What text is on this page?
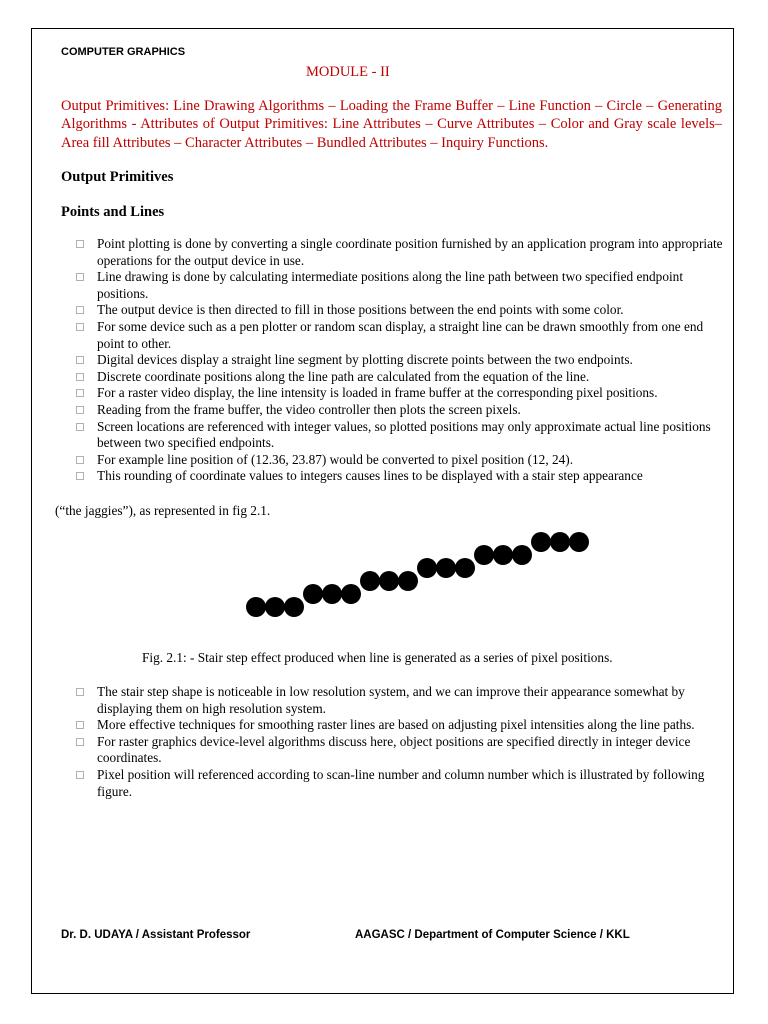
COMPUTER GRAPHICS
MODULE - II
Output Primitives: Line Drawing Algorithms – Loading the Frame Buffer – Line Function – Circle – Generating Algorithms - Attributes of Output Primitives: Line Attributes – Curve Attributes – Color and Gray scale levels– Area fill Attributes – Character Attributes – Bundled Attributes – Inquiry Functions.
Output Primitives
Points and Lines
Point plotting is done by converting a single coordinate position furnished by an application program into appropriate operations for the output device in use.
Line drawing is done by calculating intermediate positions along the line path between two specified endpoint positions.
The output device is then directed to fill in those positions between the end points with some color.
For some device such as a pen plotter or random scan display, a straight line can be drawn smoothly from one end point to other.
Digital devices display a straight line segment by plotting discrete points between the two endpoints.
Discrete coordinate positions along the line path are calculated from the equation of the line.
For a raster video display, the line intensity is loaded in frame buffer at the corresponding pixel positions.
Reading from the frame buffer, the video controller then plots the screen pixels.
Screen locations are referenced with integer values, so plotted positions may only approximate actual line positions between two specified endpoints.
For example line position of (12.36, 23.87) would be converted to pixel position (12, 24).
This rounding of coordinate values to integers causes lines to be displayed with a stair step appearance
(“the jaggies”), as represented in fig 2.1.
Fig. 2.1: - Stair step effect produced when line is generated as a series of pixel positions.
The stair step shape is noticeable in low resolution system, and we can improve their appearance somewhat by displaying them on high resolution system.
More effective techniques for smoothing raster lines are based on adjusting pixel intensities along the line paths.
For raster graphics device-level algorithms discuss here, object positions are specified directly in integer device coordinates.
Pixel position will referenced according to scan-line number and column number which is illustrated by following figure.
Dr. D. UDAYA / Assistant Professor	AAGASC / Department of Computer Science / KKL
